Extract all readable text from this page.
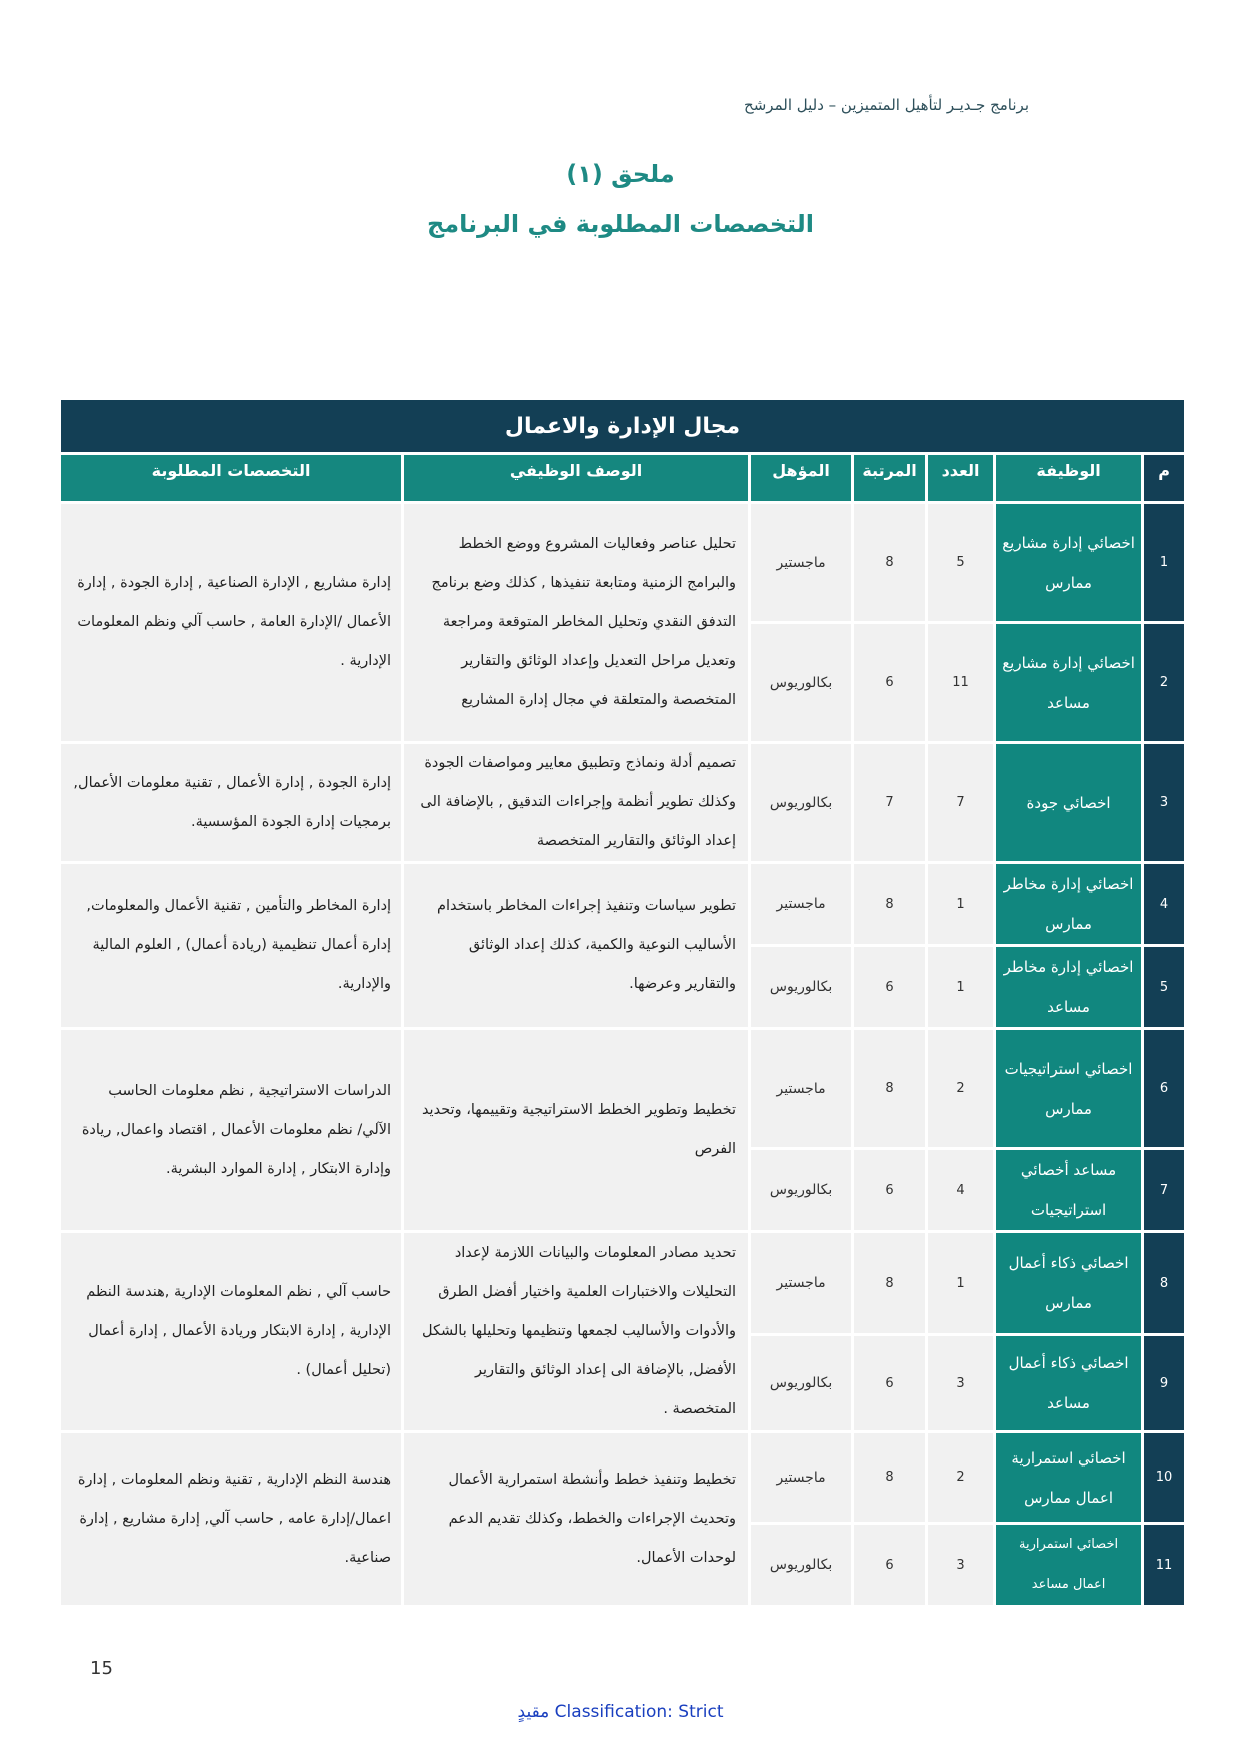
برنامج جـديـر لتأهيل المتميزين – دليل المرشح
ملحق (١)
التخصصات المطلوبة في البرنامج
مجال الإدارة والاعمال						
م	الوظيفة	العدد	المرتبة	المؤهل	الوصف الوظيفي	التخصصات المطلوبة
1	اخصائي إدارة مشاريع ممارس	5	8	ماجستير	تحليل عناصر وفعاليات المشروع ووضع الخطط والبرامج الزمنية ومتابعة تنفيذها , كذلك وضع برنامج التدفق النقدي وتحليل المخاطر المتوقعة ومراجعة وتعديل مراحل التعديل وإعداد الوثائق والتقارير المتخصصة والمتعلقة في مجال إدارة المشاريع	إدارة مشاريع , الإدارة الصناعية , إدارة الجودة , إدارة الأعمال /الإدارة العامة , حاسب آلي ونظم المعلومات الإدارية .
2	اخصائي إدارة مشاريع مساعد	11	6	بكالوريوس		
3	اخصائي جودة	7	7	بكالوريوس	تصميم أدلة ونماذج وتطبيق معايير ومواصفات الجودة وكذلك تطوير أنظمة وإجراءات التدقيق , بالإضافة الى إعداد الوثائق والتقارير المتخصصة	إدارة الجودة , إدارة الأعمال , تقنية معلومات الأعمال, برمجيات إدارة الجودة المؤسسية.
4	اخصائي إدارة مخاطر ممارس	1	8	ماجستير	تطوير سياسات وتنفيذ إجراءات المخاطر باستخدام الأساليب النوعية والكمية، كذلك إعداد الوثائق والتقارير وعرضها.	إدارة المخاطر والتأمين , تقنية الأعمال والمعلومات, إدارة أعمال تنظيمية (ريادة أعمال) , العلوم المالية والإدارية.
5	اخصائي إدارة مخاطر مساعد	1	6	بكالوريوس		
6	اخصائي استراتيجيات ممارس	2	8	ماجستير	تخطيط وتطوير الخطط الاستراتيجية وتقييمها، وتحديد الفرص	الدراسات الاستراتيجية , نظم معلومات الحاسب الآلي/ نظم معلومات الأعمال , اقتصاد واعمال, ريادة وإدارة الابتكار , إدارة الموارد البشرية.
7	مساعد أخصائي استراتيجيات	4	6	بكالوريوس		
8	اخصائي ذكاء أعمال ممارس	1	8	ماجستير	تحديد مصادر المعلومات والبيانات اللازمة لإعداد التحليلات والاختبارات العلمية واختيار أفضل الطرق والأدوات والأساليب لجمعها وتنظيمها وتحليلها بالشكل الأفضل, بالإضافة الى إعداد الوثائق والتقارير المتخصصة .	حاسب آلي , نظم المعلومات الإدارية ,هندسة النظم الإدارية , إدارة الابتكار وريادة الأعمال , إدارة أعمال (تحليل أعمال) .
9	اخصائي ذكاء أعمال مساعد	3	6	بكالوريوس		
10	اخصائي استمرارية اعمال ممارس	2	8	ماجستير	تخطيط وتنفيذ خطط وأنشطة استمرارية الأعمال وتحديث الإجراءات والخطط، وكذلك تقديم الدعم لوحدات الأعمال.	هندسة النظم الإدارية , تقنية ونظم المعلومات , إدارة اعمال/إدارة عامه , حاسب آلي, إدارة مشاريع , إدارة صناعية.
11	اخصائي استمرارية اعمال مساعد	3	6	بكالوريوس		
15
مقيدٍ Classification: Strict
